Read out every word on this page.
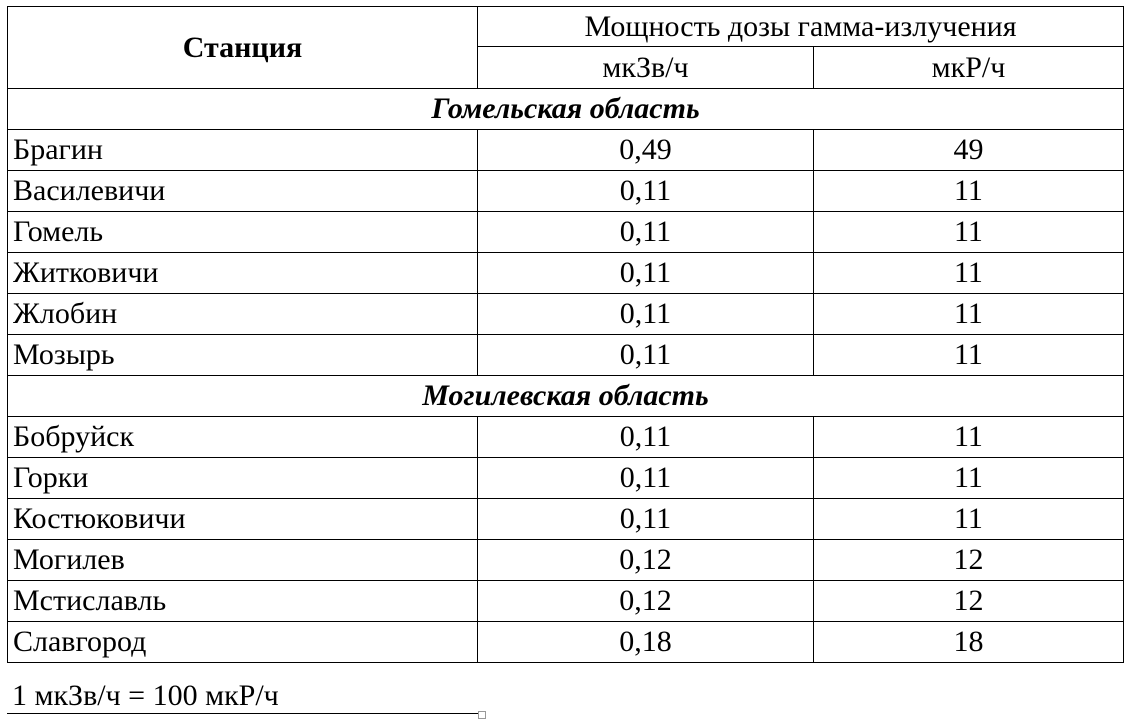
Станция	Мощность дозы гамма-излучения	
	мкЗв/ч	мкР/ч
Гомельская область		
Брагин	0,49	49
Василевичи	0,11	11
Гомель	0,11	11
Житковичи	0,11	11
Жлобин	0,11	11
Мозырь	0,11	11
Могилевская область		
Бобруйск	0,11	11
Горки	0,11	11
Костюковичи	0,11	11
Могилев	0,12	12
Мстиславль	0,12	12
Славгород	0,18	18
1 мкЗв/ч = 100 мкР/ч
